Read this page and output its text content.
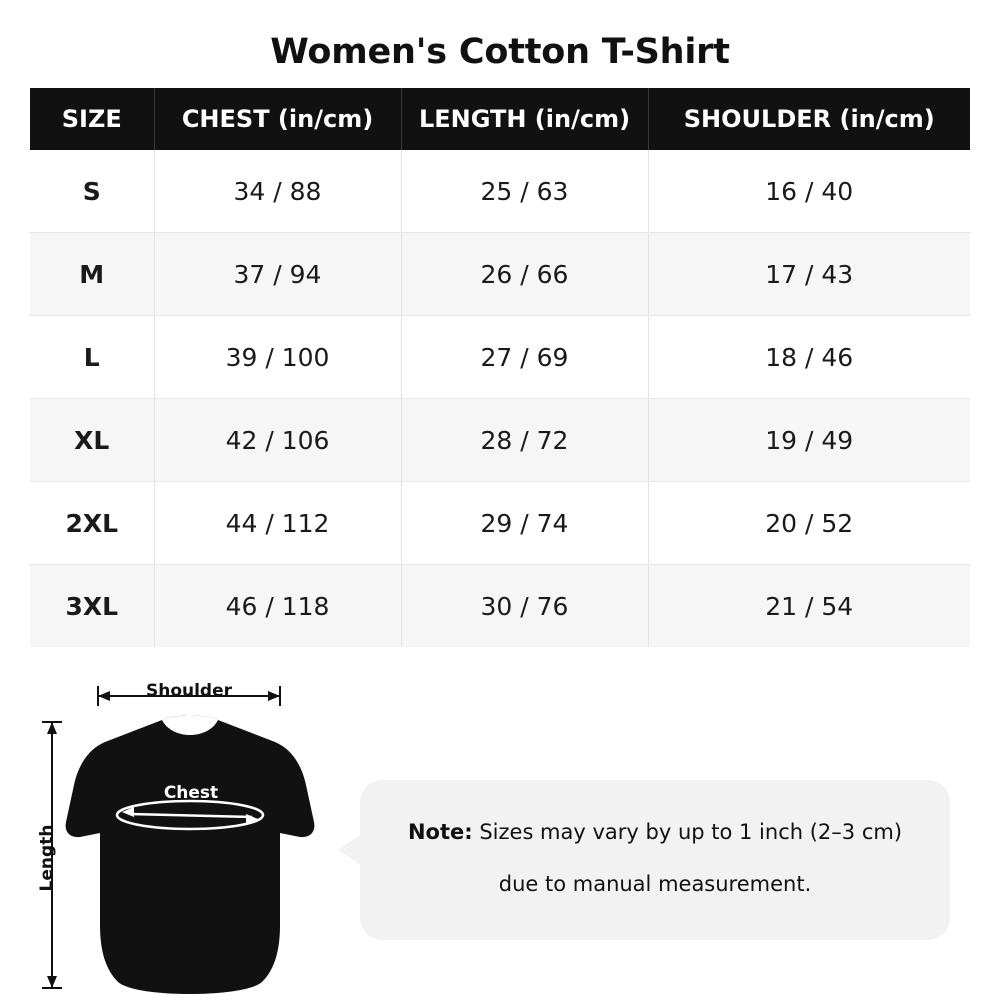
Women's Cotton T-Shirt
SIZE	CHEST (in/cm)	LENGTH (in/cm)	SHOULDER (in/cm)
S	34 / 88	25 / 63	16 / 40
M	37 / 94	26 / 66	17 / 43
L	39 / 100	27 / 69	18 / 46
XL	42 / 106	28 / 72	19 / 49
2XL	44 / 112	29 / 74	20 / 52
3XL	46 / 118	30 / 76	21 / 54
Shoulder
Chest
Length	Note: Sizes may vary by up to 1 inch (2–3 cm)
due to manual measurement.
